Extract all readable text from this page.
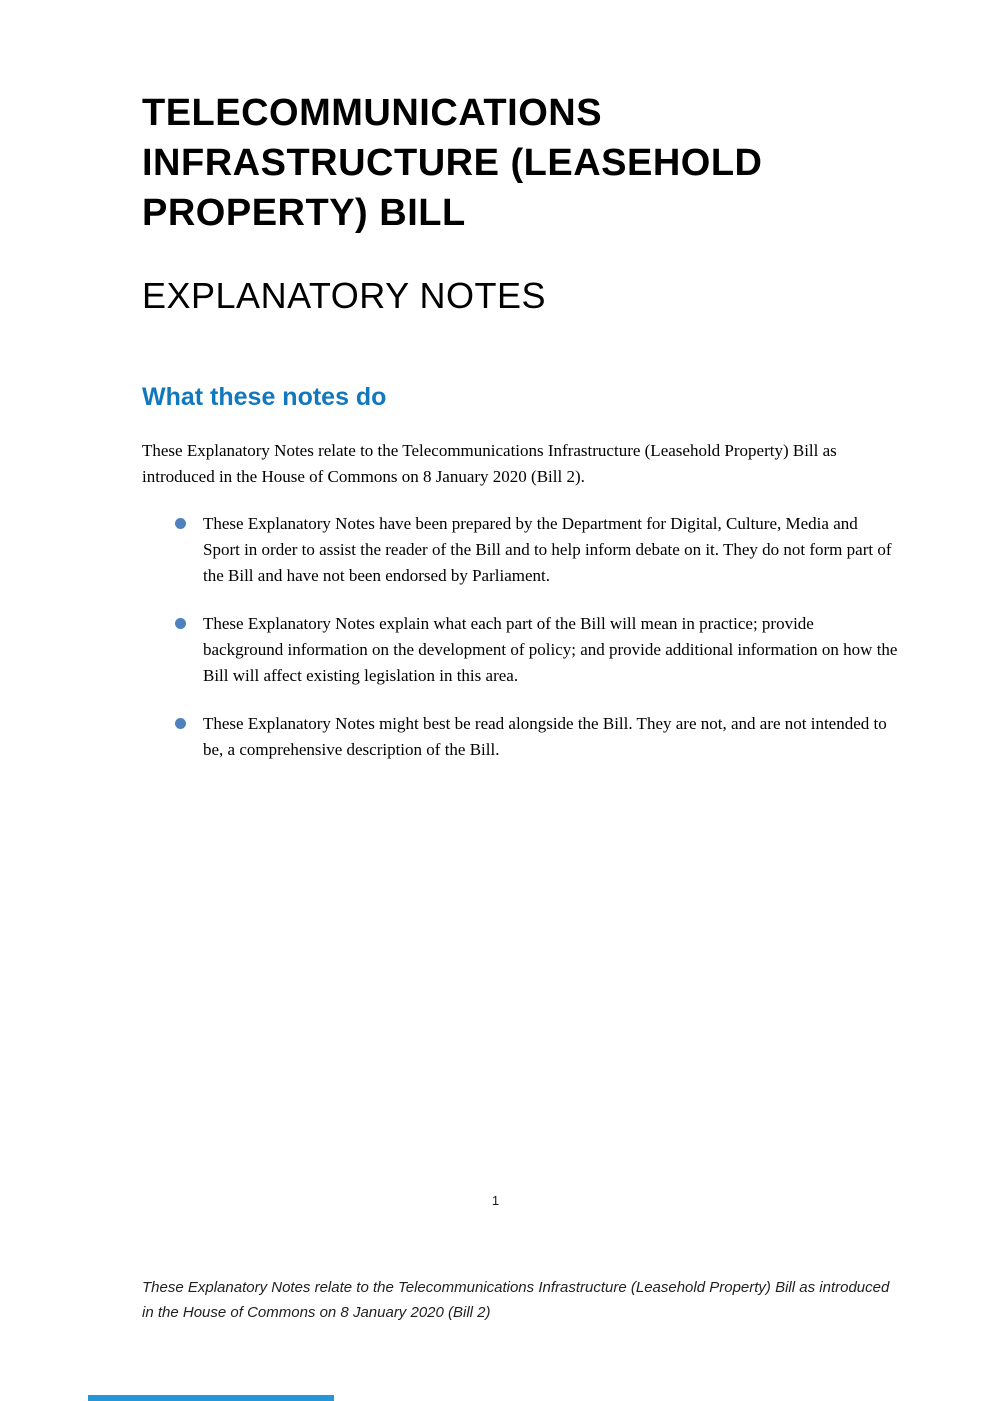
TELECOMMUNICATIONS INFRASTRUCTURE (LEASEHOLD PROPERTY) BILL
EXPLANATORY NOTES
What these notes do

These Explanatory Notes relate to the Telecommunications Infrastructure (Leasehold Property) Bill as introduced in the House of Commons on 8 January 2020 (Bill 2).

These Explanatory Notes have been prepared by the Department for Digital, Culture, Media and Sport in order to assist the reader of the Bill and to help inform debate on it. They do not form part of the Bill and have not been endorsed by Parliament.
These Explanatory Notes explain what each part of the Bill will mean in practice; provide background information on the development of policy; and provide additional information on how the Bill will affect existing legislation in this area.
These Explanatory Notes might best be read alongside the Bill. They are not, and are not intended to be, a comprehensive description of the Bill.
1
These Explanatory Notes relate to the Telecommunications Infrastructure (Leasehold Property) Bill as introduced in the House of Commons on 8 January 2020 (Bill 2)
